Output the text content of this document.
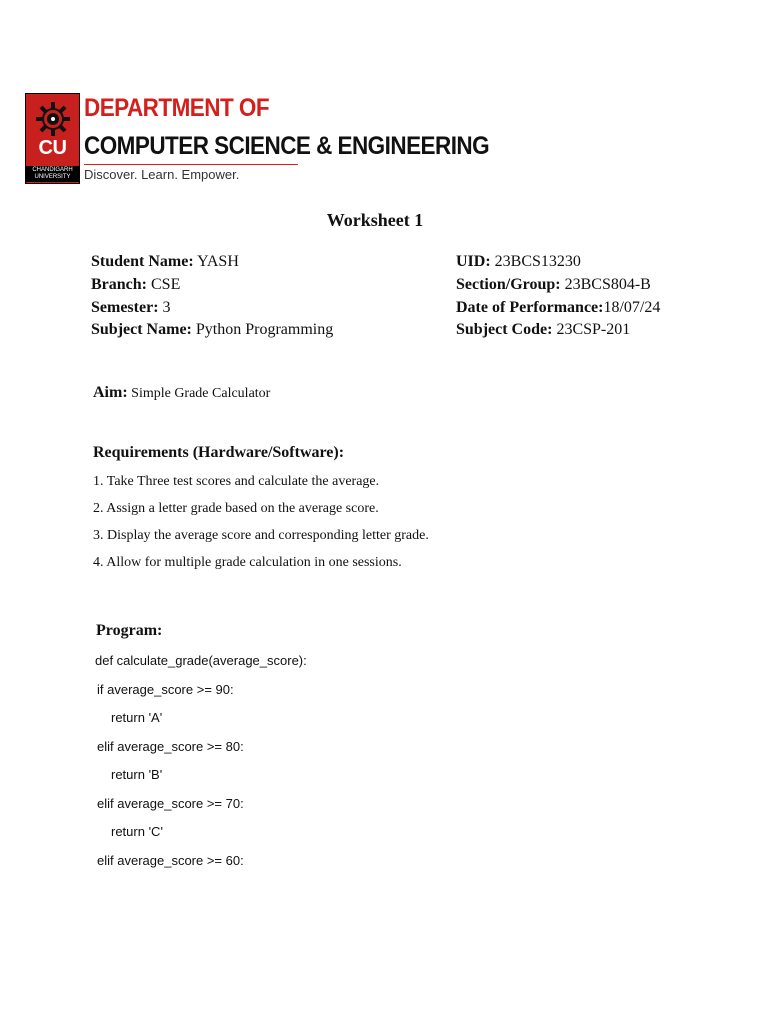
CU
CHANDIGARH UNIVERSITY
DEPARTMENT OF
COMPUTER SCIENCE & ENGINEERING
Discover. Learn. Empower.
Worksheet 1
Student Name: YASH	UID: 23BCS13230
Branch: CSE	Section/Group: 23BCS804-B
Semester: 3	Date of Performance:18/07/24
Subject Name: Python Programming	Subject Code: 23CSP-201
Aim: Simple Grade Calculator
Requirements (Hardware/Software):
1. Take Three test scores and calculate the average.
2. Assign a letter grade based on the average score.
3. Display the average score and corresponding letter grade.
4. Allow for multiple grade calculation in one sessions.
Program:
def calculate_grade(average_score):
if average_score >= 90:
return 'A'
elif average_score >= 80:
return 'B'
elif average_score >= 70:
return 'C'
elif average_score >= 60:
